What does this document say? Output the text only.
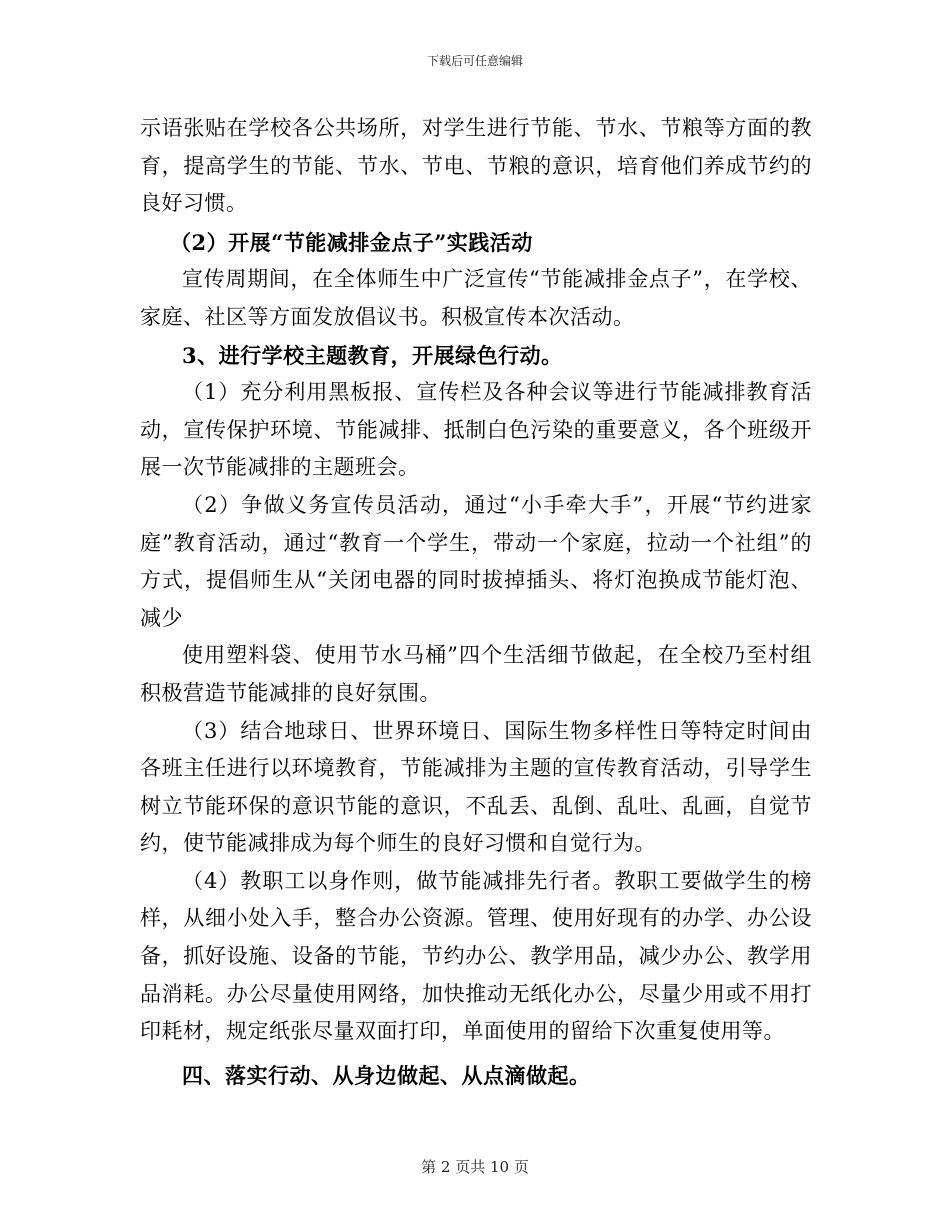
下载后可任意编辑

示语张贴在学校各公共场所，对学生进行节能、节水、节粮等方面的教育，提高学生的节能、节水、节电、节粮的意识，培育他们养成节约的良好习惯。

（2）开展“节能减排金点子”实践活动

宣传周期间，在全体师生中广泛宣传“节能减排金点子”，在学校、家庭、社区等方面发放倡议书。积极宣传本次活动。

3、进行学校主题教育，开展绿色行动。

（1）充分利用黑板报、宣传栏及各种会议等进行节能减排教育活动，宣传保护环境、节能减排、抵制白色污染的重要意义，各个班级开展一次节能减排的主题班会。

（2）争做义务宣传员活动，通过“小手牵大手”，开展“节约进家庭”教育活动，通过“教育一个学生，带动一个家庭，拉动一个社组”的方式，提倡师生从“关闭电器的同时拔掉插头、将灯泡换成节能灯泡、减少

使用塑料袋、使用节水马桶”四个生活细节做起，在全校乃至村组积极营造节能减排的良好氛围。

（3）结合地球日、世界环境日、国际生物多样性日等特定时间由各班主任进行以环境教育，节能减排为主题的宣传教育活动，引导学生树立节能环保的意识节能的意识，不乱丢、乱倒、乱吐、乱画，自觉节约，使节能减排成为每个师生的良好习惯和自觉行为。

（4）教职工以身作则，做节能减排先行者。教职工要做学生的榜样，从细小处入手，整合办公资源。管理、使用好现有的办学、办公设备，抓好设施、设备的节能，节约办公、教学用品，减少办公、教学用品消耗。办公尽量使用网络，加快推动无纸化办公，尽量少用或不用打印耗材，规定纸张尽量双面打印，单面使用的留给下次重复使用等。

四、落实行动、从身边做起、从点滴做起。

第 2 页共 10 页
